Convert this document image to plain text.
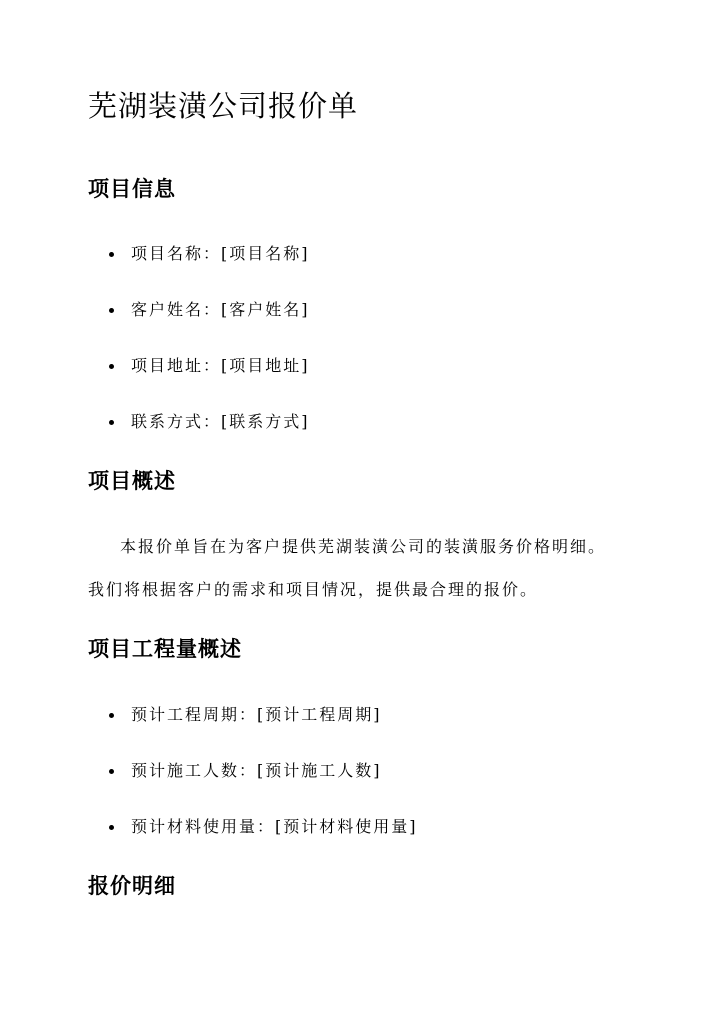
芜湖装潢公司报价单
项目信息
项目名称：[项目名称]
客户姓名：[客户姓名]
项目地址：[项目地址]
联系方式：[联系方式]
项目概述

本报价单旨在为客户提供芜湖装潢公司的装潢服务价格明细。

我们将根据客户的需求和项目情况，提供最合理的报价。

项目工程量概述
预计工程周期：[预计工程周期]
预计施工人数：[预计施工人数]
预计材料使用量：[预计材料使用量]
报价明细
